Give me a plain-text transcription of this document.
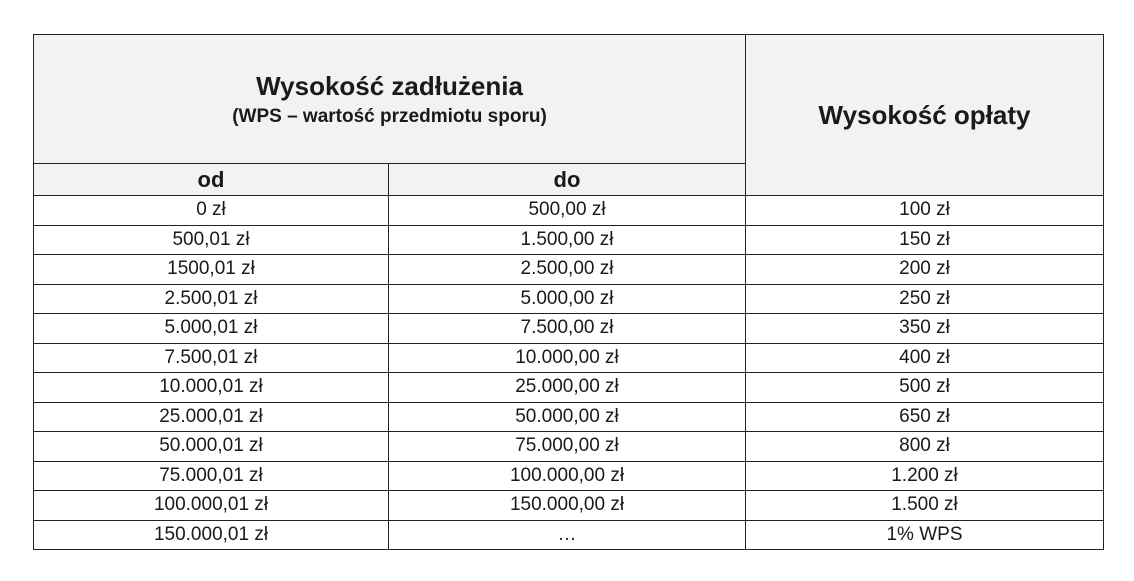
Wysokość zadłużenia
(WPS – wartość przedmiotu sporu)		Wysokość opłaty
od	do	
0 zł	500,00 zł	100 zł
500,01 zł	1.500,00 zł	150 zł
1500,01 zł	2.500,00 zł	200 zł
2.500,01 zł	5.000,00 zł	250 zł
5.000,01 zł	7.500,00 zł	350 zł
7.500,01 zł	10.000,00 zł	400 zł
10.000,01 zł	25.000,00 zł	500 zł
25.000,01 zł	50.000,00 zł	650 zł
50.000,01 zł	75.000,00 zł	800 zł
75.000,01 zł	100.000,00 zł	1.200 zł
100.000,01 zł	150.000,00 zł	1.500 zł
150.000,01 zł	…	1% WPS
